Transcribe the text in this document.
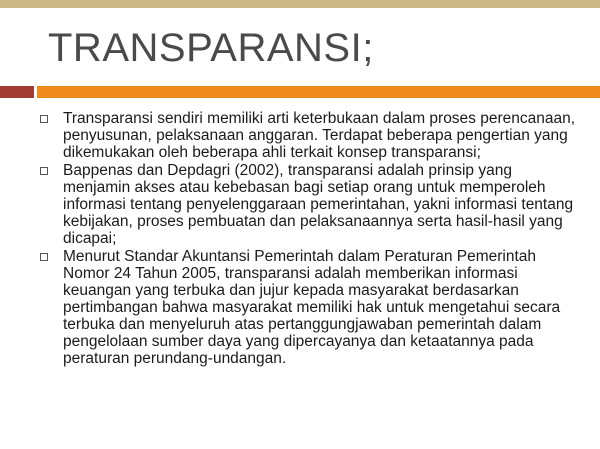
TRANSPARANSI;
Transparansi sendiri memiliki arti keterbukaan dalam proses perencanaan, penyusunan, pelaksanaan anggaran. Terdapat beberapa pengertian yang dikemukakan oleh beberapa ahli terkait konsep transparansi;
Bappenas dan Depdagri (2002), transparansi adalah prinsip yang menjamin akses atau kebebasan bagi setiap orang untuk memperoleh informasi tentang penyelenggaraan pemerintahan, yakni informasi tentang kebijakan, proses pembuatan dan pelaksanaannya serta hasil-hasil yang dicapai;
Menurut Standar Akuntansi Pemerintah dalam Peraturan Pemerintah Nomor 24 Tahun 2005, transparansi adalah memberikan informasi keuangan yang terbuka dan jujur kepada masyarakat berdasarkan pertimbangan bahwa masyarakat memiliki hak untuk mengetahui secara terbuka dan menyeluruh atas pertanggungjawaban pemerintah dalam pengelolaan sumber daya yang dipercayanya dan ketaatannya pada peraturan perundang-undangan.
